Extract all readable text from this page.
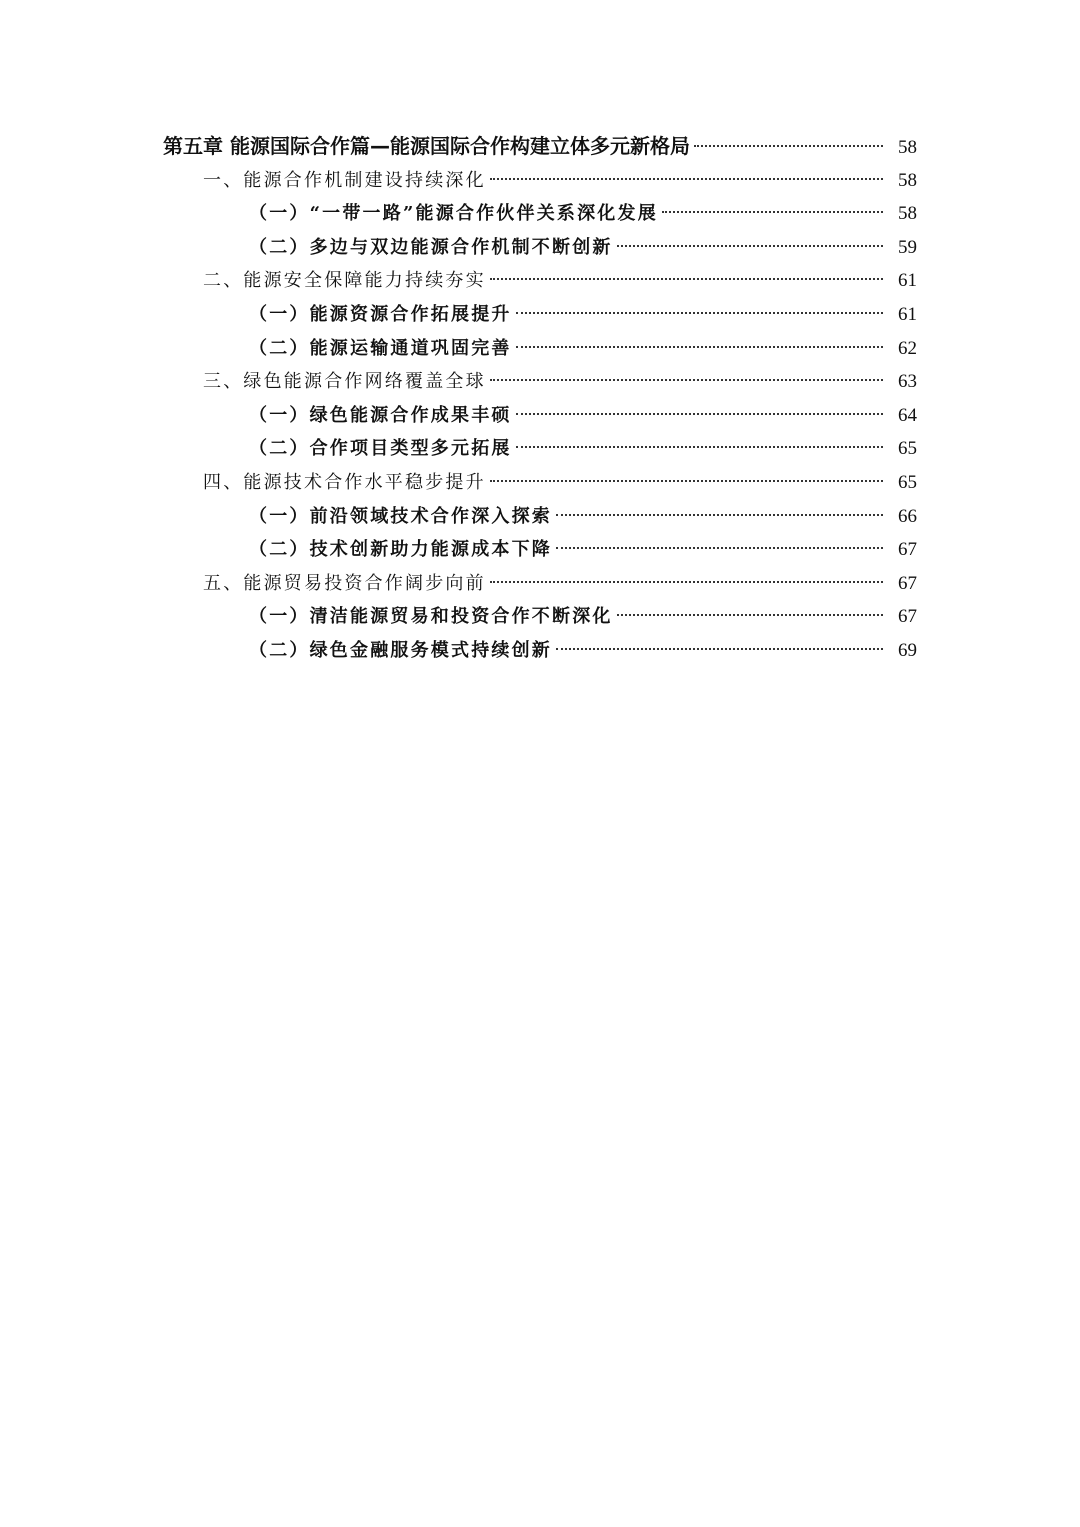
第五章 能源国际合作篇—能源国际合作构建立体多元新格局	58
一、能源合作机制建设持续深化	58
（一）“一带一路”能源合作伙伴关系深化发展	58
（二）多边与双边能源合作机制不断创新	59
二、能源安全保障能力持续夯实	61
（一）能源资源合作拓展提升	61
（二）能源运输通道巩固完善	62
三、绿色能源合作网络覆盖全球	63
（一）绿色能源合作成果丰硕	64
（二）合作项目类型多元拓展	65
四、能源技术合作水平稳步提升	65
（一）前沿领域技术合作深入探索	66
（二）技术创新助力能源成本下降	67
五、能源贸易投资合作阔步向前	67
（一）清洁能源贸易和投资合作不断深化	67
（二）绿色金融服务模式持续创新	69
